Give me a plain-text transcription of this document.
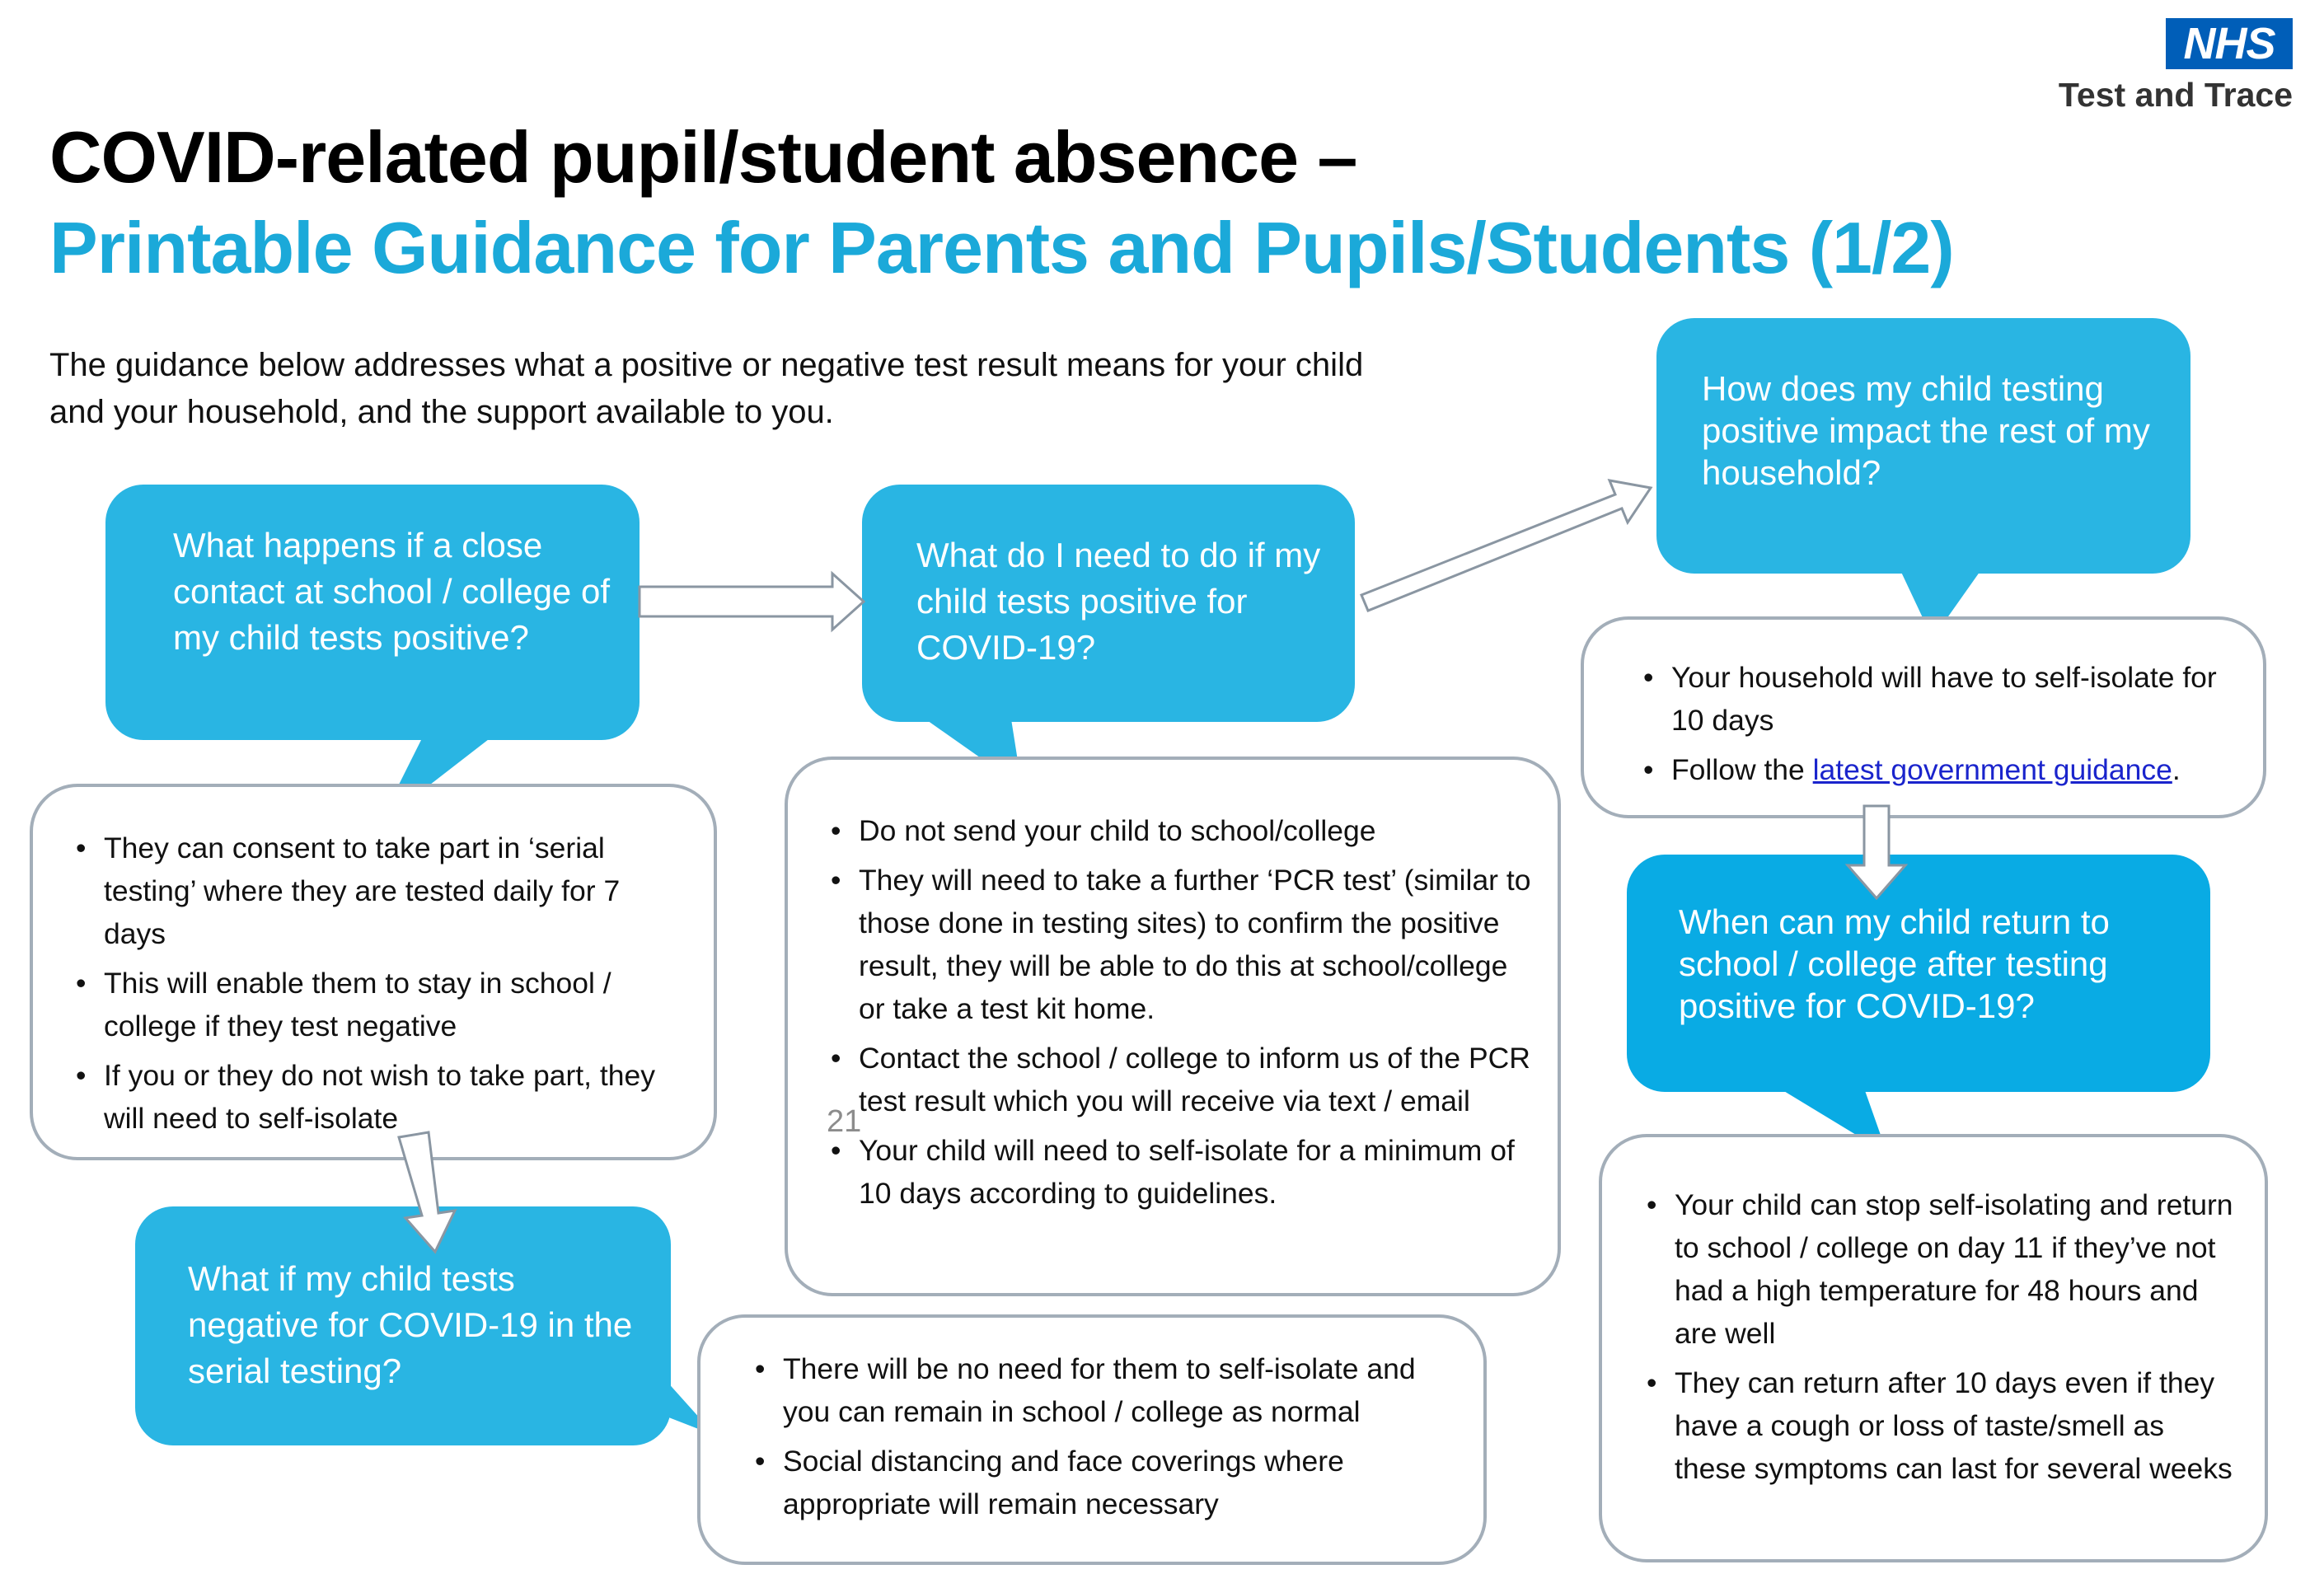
COVID-related pupil/student absence –
Printable Guidance for Parents and Pupils/Students (1/2)
The guidance below addresses what a positive or negative test result means for your child and your household, and the support available to you.
NHS
Test and Trace
What happens if a close contact at school / college of my child tests positive?
What do I need to do if my child tests positive for COVID-19?
How does my child testing positive impact the rest of my household?
When can my child return to school / college after testing positive for COVID-19?
What if my child tests negative for COVID-19 in the serial testing?
• They can consent to take part in ‘serial testing’ where they are tested daily for 7 days
• This will enable them to stay in school / college if they test negative
• If you or they do not wish to take part, they will need to self-isolate
• Do not send your child to school/college
• They will need to take a further ‘PCR test’ (similar to those done in testing sites) to confirm the positive result, they will be able to do this at school/college or take a test kit home.
• Contact the school / college to inform us of the PCR test result which you will receive via text / email
• Your child will need to self-isolate for a minimum of 10 days according to guidelines.
• Your household will have to self-isolate for 10 days
• Follow the latest government guidance.
• Your child can stop self-isolating and return to school / college on day 11 if they’ve not had a high temperature for 48 hours and are well
• They can return after 10 days even if they have a cough or loss of taste/smell as these symptoms can last for several weeks
• There will be no need for them to self-isolate and you can remain in school / college as normal
• Social distancing and face coverings where appropriate will remain necessary
21
